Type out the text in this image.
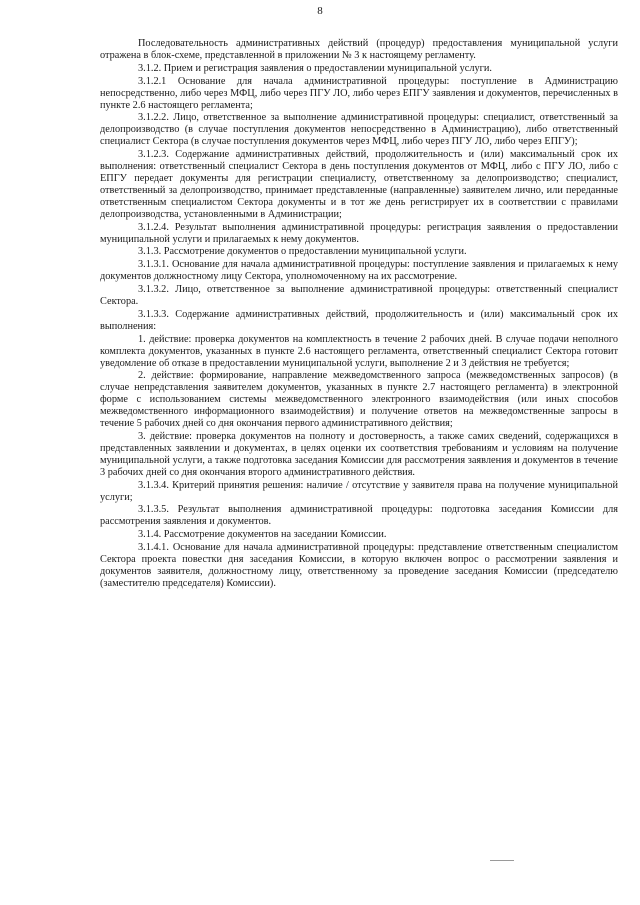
8

Последовательность административных действий (процедур) предоставления муниципальной услуги отражена в блок-схеме, представленной в приложении № 3 к настоящему регламенту.

3.1.2. Прием и регистрация заявления о предоставлении муниципальной услуги.

3.1.2.1 Основание для начала административной процедуры: поступление в Администрацию непосредственно, либо через МФЦ, либо через ПГУ ЛО, либо через ЕПГУ заявления и документов, перечисленных в пункте 2.6 настоящего регламента;

3.1.2.2. Лицо, ответственное за выполнение административной процедуры: специалист, ответственный за делопроизводство (в случае поступления документов непосредственно в Администрацию), либо ответственный специалист Сектора (в случае поступления документов через МФЦ, либо через ПГУ ЛО, либо через ЕПГУ);

3.1.2.3. Содержание административных действий, продолжительность и (или) максимальный срок их выполнения: ответственный специалист Сектора в день поступления документов от МФЦ, либо с ПГУ ЛО, либо с ЕПГУ передает документы для регистрации специалисту, ответственному за делопроизводство; специалист, ответственный за делопроизводство, принимает представленные (направленные) заявителем лично, или переданные ответственным специалистом Сектора документы и в тот же день регистрирует их в соответствии с правилами делопроизводства, установленными в Администрации;

3.1.2.4. Результат выполнения административной процедуры: регистрация заявления о предоставлении муниципальной услуги и прилагаемых к нему документов.

3.1.3. Рассмотрение документов о предоставлении муниципальной услуги.

3.1.3.1. Основание для начала административной процедуры: поступление заявления и прилагаемых к нему документов должностному лицу Сектора, уполномоченному на их рассмотрение.

3.1.3.2. Лицо, ответственное за выполнение административной процедуры: ответственный специалист Сектора.

3.1.3.3. Содержание административных действий, продолжительность и (или) максимальный срок их выполнения:

1. действие: проверка документов на комплектность в течение 2 рабочих дней. В случае подачи неполного комплекта документов, указанных в пункте 2.6 настоящего регламента, ответственный специалист Сектора готовит уведомление об отказе в предоставлении муниципальной услуги, выполнение 2 и 3 действия не требуется;

2. действие: формирование, направление межведомственного запроса (межведомственных запросов) (в случае непредставления заявителем документов, указанных в пункте 2.7 настоящего регламента) в электронной форме с использованием системы межведомственного электронного взаимодействия (или иных способов межведомственного информационного взаимодействия) и получение ответов на межведомственные запросы в течение 5 рабочих дней со дня окончания первого административного действия;

3. действие: проверка документов на полноту и достоверность, а также самих сведений, содержащихся в представленных заявлении и документах, в целях оценки их соответствия требованиям и условиям на получение муниципальной услуги, а также подготовка заседания Комиссии для рассмотрения заявления и документов в течение 3 рабочих дней со дня окончания второго административного действия.

3.1.3.4. Критерий принятия решения: наличие / отсутствие у заявителя права на получение муниципальной услуги;

3.1.3.5. Результат выполнения административной процедуры: подготовка заседания Комиссии для рассмотрения заявления и документов.

3.1.4. Рассмотрение документов на заседании Комиссии.

3.1.4.1. Основание для начала административной процедуры: представление ответственным специалистом Сектора проекта повестки дня заседания Комиссии, в которую включен вопрос о рассмотрении заявления и документов заявителя, должностному лицу, ответственному за проведение заседания Комиссии (председателю (заместителю председателя) Комиссии).
